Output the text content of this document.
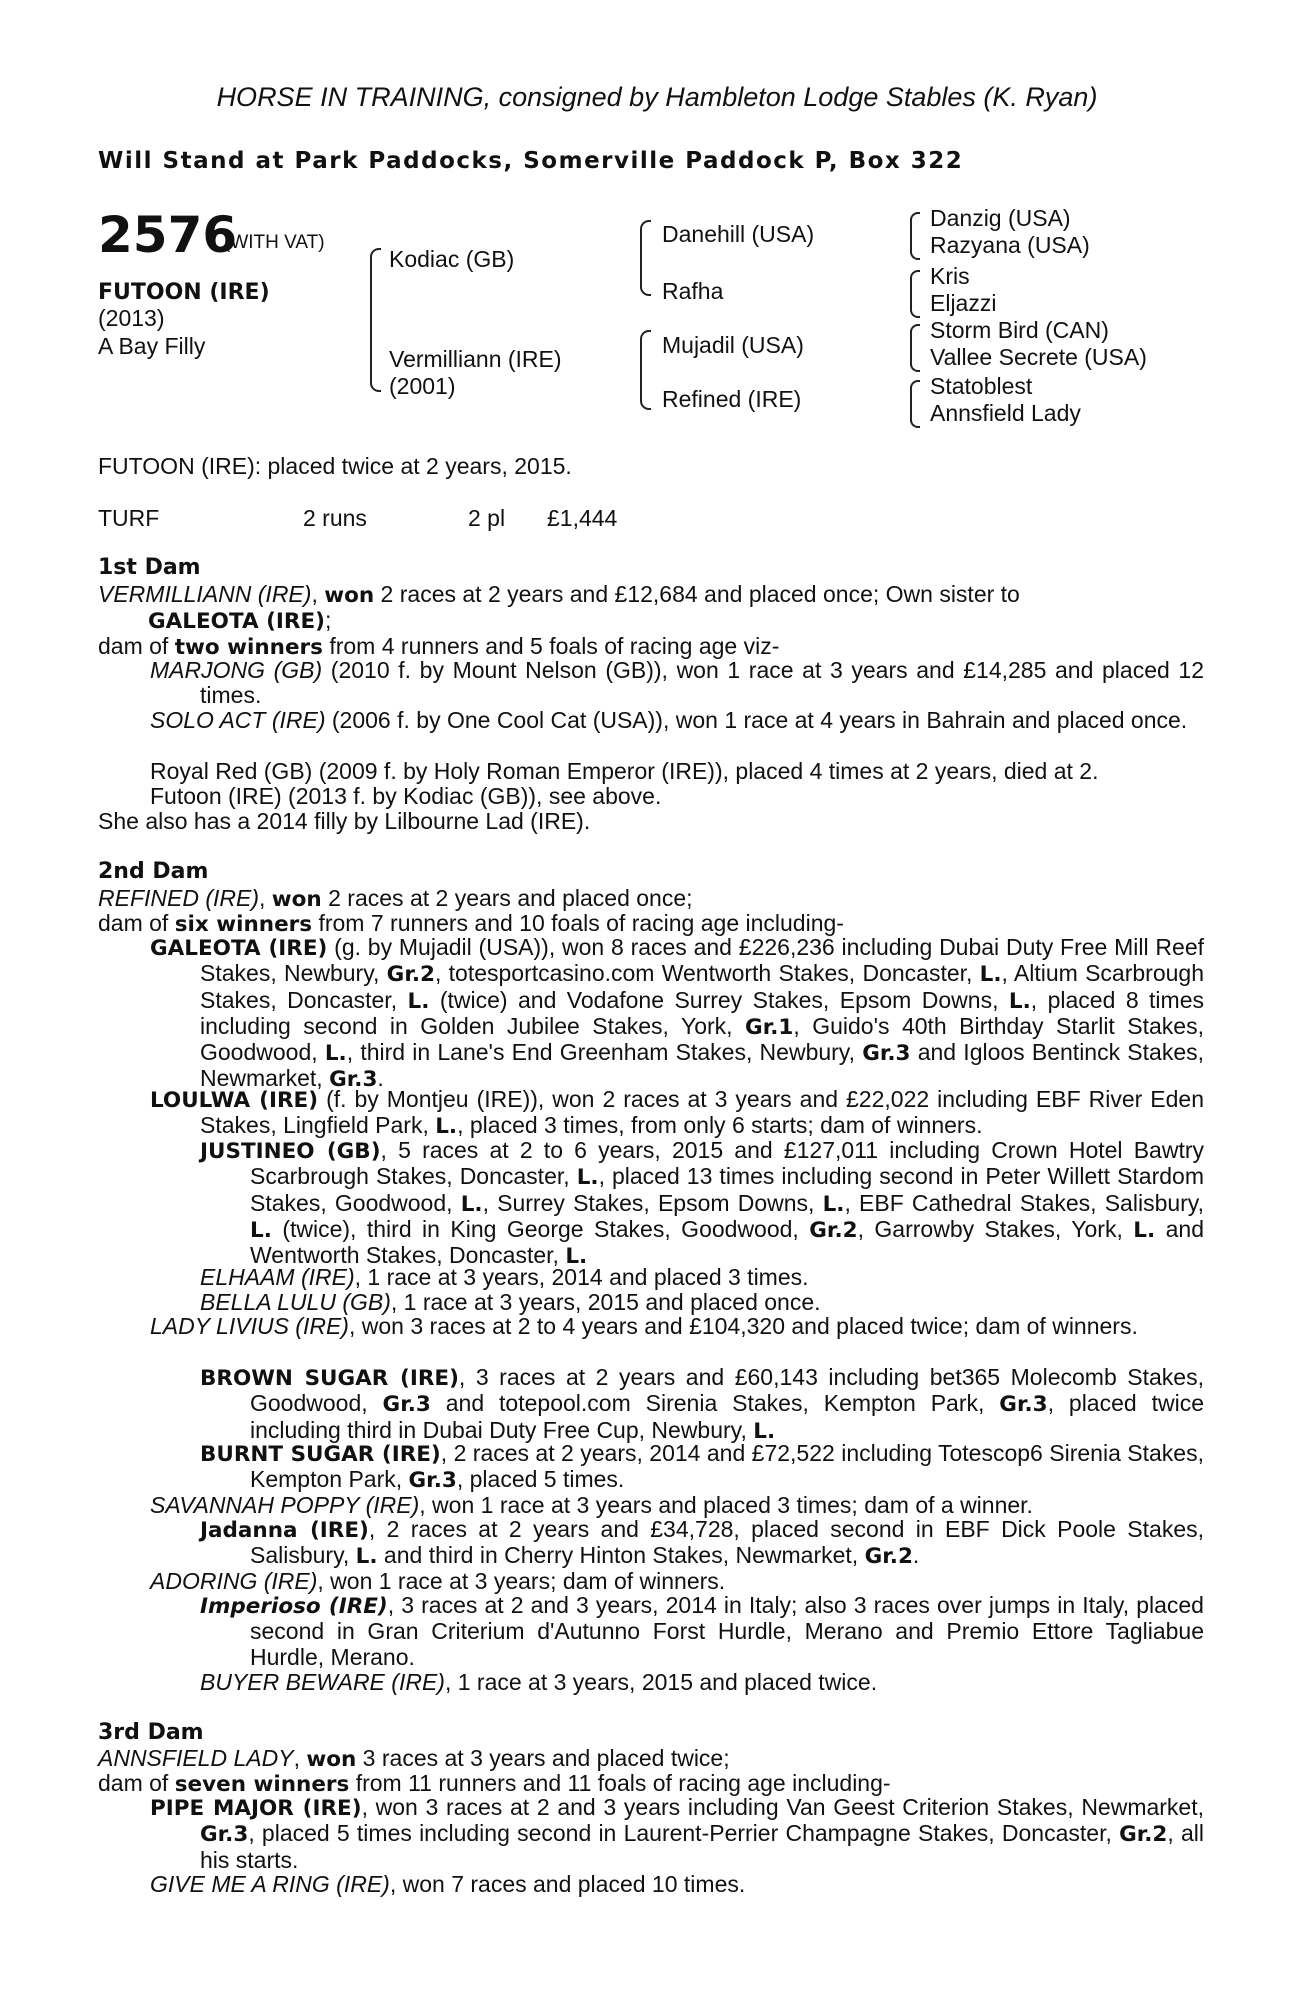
HORSE IN TRAINING, consigned by Hambleton Lodge Stables (K. Ryan)
Will Stand at Park Paddocks, Somerville Paddock P, Box 322
2576
(WITH VAT)
FUTOON (IRE)
(2013)
A Bay Filly
Kodiac (GB)
Vermilliann (IRE)
(2001)
Danehill (USA)
Rafha
Mujadil (USA)
Refined (IRE)
Danzig (USA)
Razyana (USA)
Kris
Eljazzi
Storm Bird (CAN)
Vallee Secrete (USA)
Statoblest
Annsfield Lady
FUTOON (IRE): placed twice at 2 years, 2015.
TURF	2 runs	2 pl £1,444
1st Dam
VERMILLIANN (IRE), won 2 races at 2 years and £12,684 and placed once; Own sister to
GALEOTA (IRE);
dam of two winners from 4 runners and 5 foals of racing age viz-
MARJONG (GB) (2010 f. by Mount Nelson (GB)), won 1 race at 3 years and £14,285 and placed 12 times.
SOLO ACT (IRE) (2006 f. by One Cool Cat (USA)), won 1 race at 4 years in Bahrain and placed once.
Royal Red (GB) (2009 f. by Holy Roman Emperor (IRE)), placed 4 times at 2 years, died at 2.
Futoon (IRE) (2013 f. by Kodiac (GB)), see above.
She also has a 2014 filly by Lilbourne Lad (IRE).
2nd Dam
REFINED (IRE), won 2 races at 2 years and placed once;
dam of six winners from 7 runners and 10 foals of racing age including-
GALEOTA (IRE) (g. by Mujadil (USA)), won 8 races and £226,236 including Dubai Duty Free Mill Reef Stakes, Newbury, Gr.2, totesportcasino.com Wentworth Stakes, Doncaster, L., Altium Scarbrough Stakes, Doncaster, L. (twice) and Vodafone Surrey Stakes, Epsom Downs, L., placed 8 times including second in Golden Jubilee Stakes, York, Gr.1, Guido's 40th Birthday Starlit Stakes, Goodwood, L., third in Lane's End Greenham Stakes, Newbury, Gr.3 and Igloos Bentinck Stakes, Newmarket, Gr.3.
LOULWA (IRE) (f. by Montjeu (IRE)), won 2 races at 3 years and £22,022 including EBF River Eden Stakes, Lingfield Park, L., placed 3 times, from only 6 starts; dam of winners.
JUSTINEO (GB), 5 races at 2 to 6 years, 2015 and £127,011 including Crown Hotel Bawtry Scarbrough Stakes, Doncaster, L., placed 13 times including second in Peter Willett Stardom Stakes, Goodwood, L., Surrey Stakes, Epsom Downs, L., EBF Cathedral Stakes, Salisbury, L. (twice), third in King George Stakes, Goodwood, Gr.2, Garrowby Stakes, York, L. and Wentworth Stakes, Doncaster, L.
ELHAAM (IRE), 1 race at 3 years, 2014 and placed 3 times.
BELLA LULU (GB), 1 race at 3 years, 2015 and placed once.
LADY LIVIUS (IRE), won 3 races at 2 to 4 years and £104,320 and placed twice; dam of winners.
BROWN SUGAR (IRE), 3 races at 2 years and £60,143 including bet365 Molecomb Stakes, Goodwood, Gr.3 and totepool.com Sirenia Stakes, Kempton Park, Gr.3, placed twice including third in Dubai Duty Free Cup, Newbury, L.
BURNT SUGAR (IRE), 2 races at 2 years, 2014 and £72,522 including Totescop6 Sirenia Stakes, Kempton Park, Gr.3, placed 5 times.
SAVANNAH POPPY (IRE), won 1 race at 3 years and placed 3 times; dam of a winner.
Jadanna (IRE), 2 races at 2 years and £34,728, placed second in EBF Dick Poole Stakes, Salisbury, L. and third in Cherry Hinton Stakes, Newmarket, Gr.2.
ADORING (IRE), won 1 race at 3 years; dam of winners.
Imperioso (IRE), 3 races at 2 and 3 years, 2014 in Italy; also 3 races over jumps in Italy, placed second in Gran Criterium d'Autunno Forst Hurdle, Merano and Premio Ettore Tagliabue Hurdle, Merano.
BUYER BEWARE (IRE), 1 race at 3 years, 2015 and placed twice.
3rd Dam
ANNSFIELD LADY, won 3 races at 3 years and placed twice;
dam of seven winners from 11 runners and 11 foals of racing age including-
PIPE MAJOR (IRE), won 3 races at 2 and 3 years including Van Geest Criterion Stakes, Newmarket, Gr.3, placed 5 times including second in Laurent-Perrier Champagne Stakes, Doncaster, Gr.2, all his starts.
GIVE ME A RING (IRE), won 7 races and placed 10 times.
